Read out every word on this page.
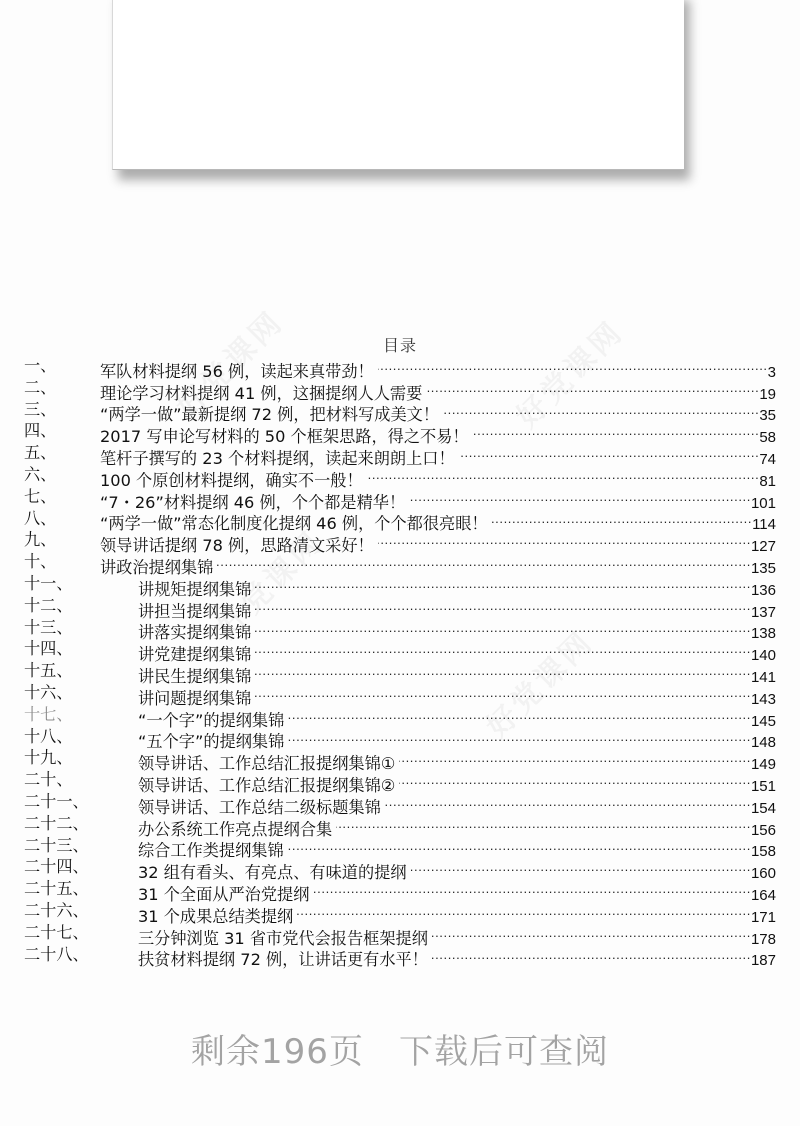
目录
一、	军队材料提纲 56 例，读起来真带劲！ .....	3
二、	理论学习材料提纲 41 例，这捆提纲人人需要 .....	19
三、	“两学一做”最新提纲 72 例，把材料写成美文！ .....	35
四、	2017 写申论写材料的 50 个框架思路，得之不易！ .....	58
五、	笔杆子撰写的 23 个材料提纲，读起来朗朗上口！ .....	74
六、	100 个原创材料提纲，确实不一般！ .....	81
七、	“7・26”材料提纲 46 例，个个都是精华！ .....	101
八、	“两学一做”常态化制度化提纲 46 例，个个都很亮眼！ .....	114
九、	领导讲话提纲 78 例，思路清文采好！ .....	127
十、	讲政治提纲集锦 .....	135
十一、	讲规矩提纲集锦 .....	136
十二、	讲担当提纲集锦 .....	137
十三、	讲落实提纲集锦 .....	138
十四、	讲党建提纲集锦 .....	140
十五、	讲民生提纲集锦 .....	141
十六、	讲问题提纲集锦 .....	143
十七、	“一个字”的提纲集锦 .....	145
十八、	“五个字”的提纲集锦 .....	148
十九、	领导讲话、工作总结汇报提纲集锦① .....	149
二十、	领导讲话、工作总结汇报提纲集锦② .....	151
二十一、	领导讲话、工作总结二级标题集锦 .....	154
二十二、	办公系统工作亮点提纲合集 .....	156
二十三、	综合工作类提纲集锦 .....	158
二十四、	32 组有看头、有亮点、有味道的提纲 .....	160
二十五、	31 个全面从严治党提纲 .....	164
二十六、	31 个成果总结类提纲 .....	171
二十七、	三分钟浏览 31 省市党代会报告框架提纲 .....	178
二十八、	扶贫材料提纲 72 例，让讲话更有水平！ .....	187
剩余196页　下载后可查阅
